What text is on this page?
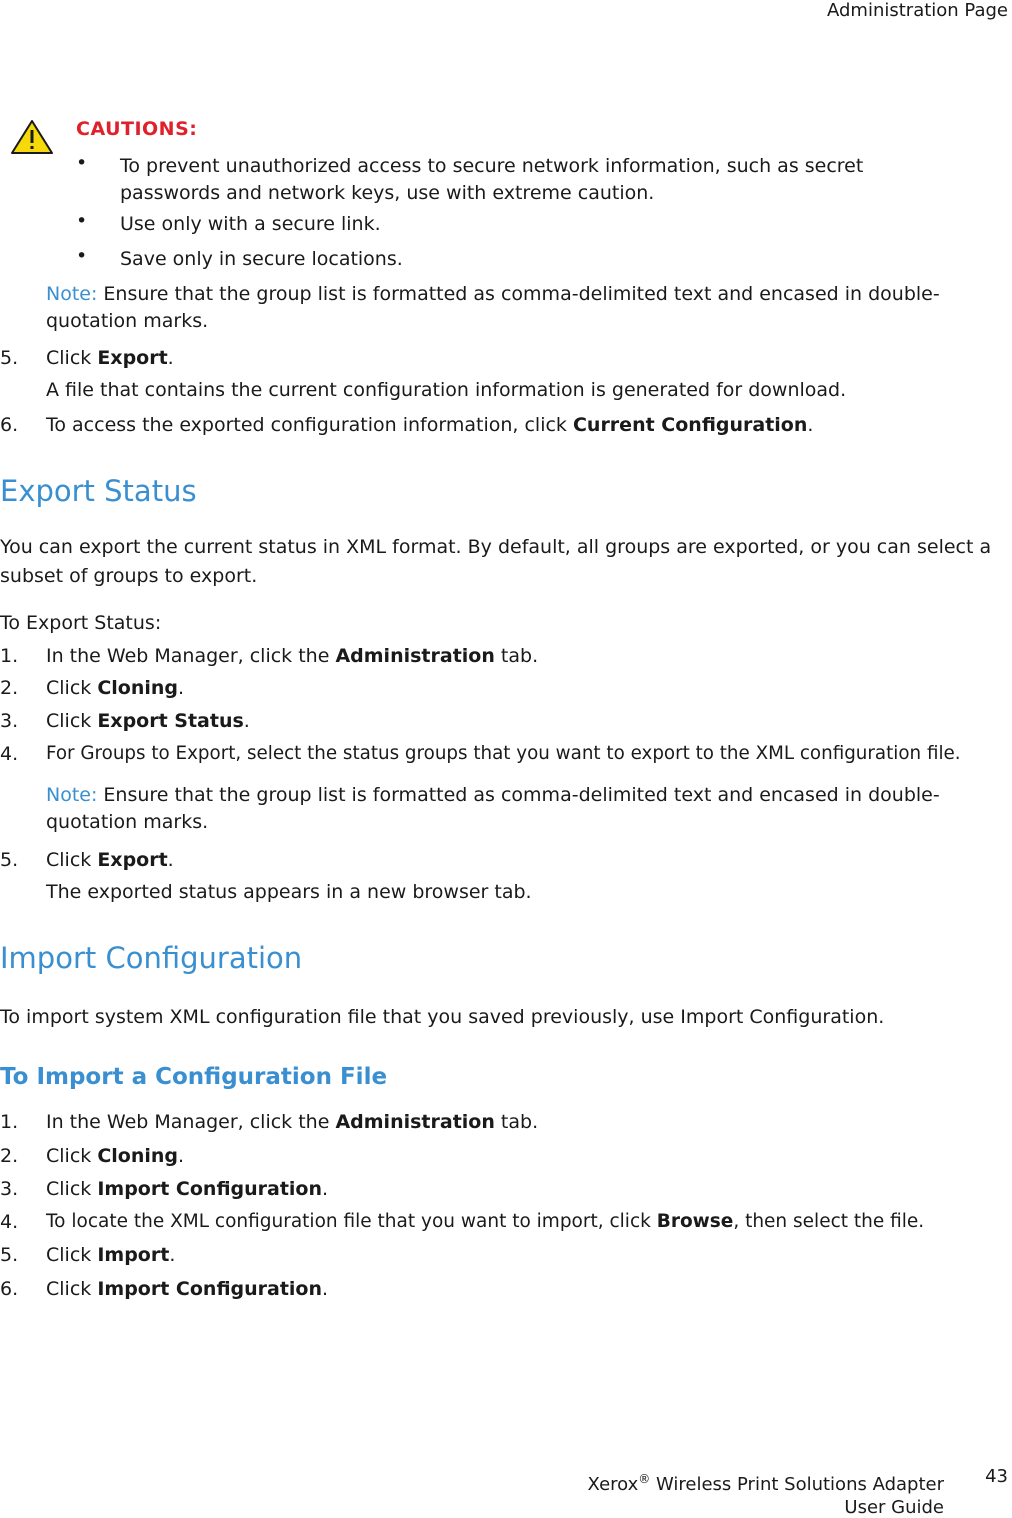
Administration Page
CAUTIONS:
• To prevent unauthorized access to secure network information, such as secret
passwords and network keys, use with extreme caution.
• Use only with a secure link.
• Save only in secure locations.
Note: Ensure that the group list is formatted as comma-delimited text and encased in double-
quotation marks.
5. Click Export.
A file that contains the current configuration information is generated for download.
6. To access the exported configuration information, click Current Configuration.
Export Status
You can export the current status in XML format. By default, all groups are exported, or you can select a
subset of groups to export.
To Export Status:
1. In the Web Manager, click the Administration tab.
2. Click Cloning.
3. Click Export Status.
4. For Groups to Export, select the status groups that you want to export to the XML configuration file.
Note: Ensure that the group list is formatted as comma-delimited text and encased in double-
quotation marks.
5. Click Export.
The exported status appears in a new browser tab.
Import Configuration
To import system XML configuration file that you saved previously, use Import Configuration.
To Import a Configuration File
1. In the Web Manager, click the Administration tab.
2. Click Cloning.
3. Click Import Configuration.
4. To locate the XML configuration file that you want to import, click Browse, then select the file.
5. Click Import.
6. Click Import Configuration.
Xerox® Wireless Print Solutions Adapter
User Guide
43
